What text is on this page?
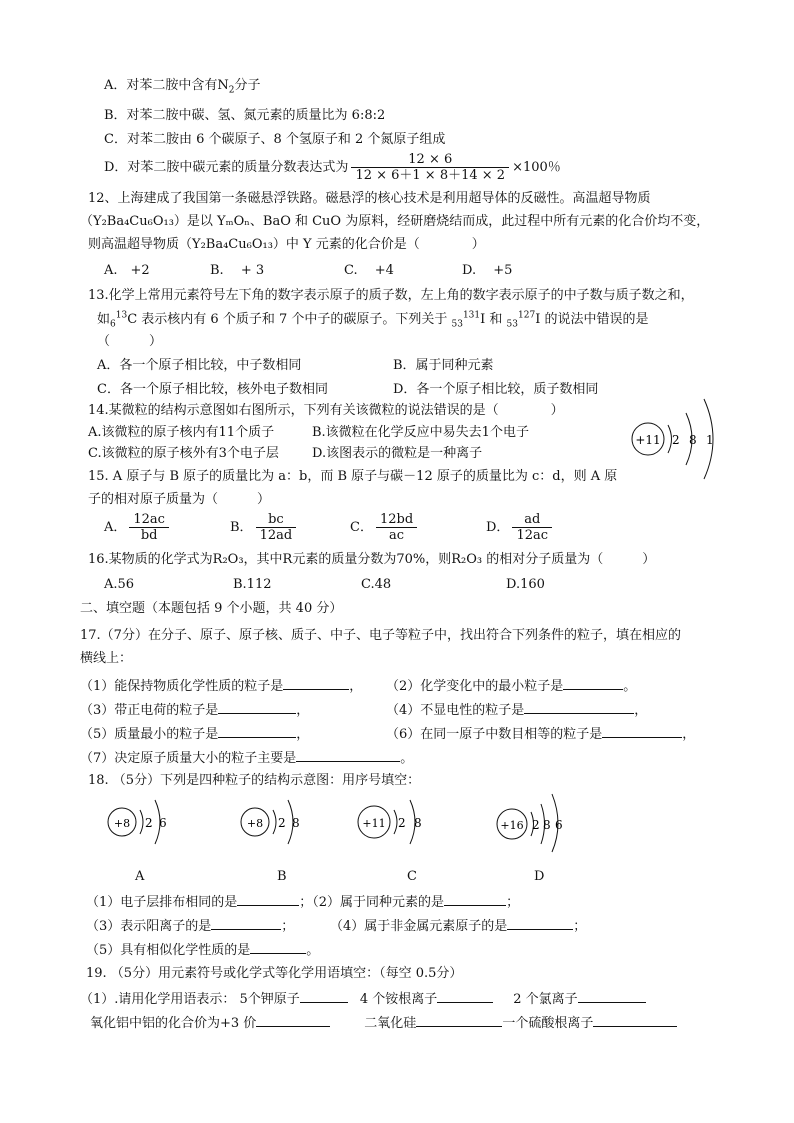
A．对苯二胺中含有$N_2$分子
B．对苯二胺中碳、氢、氮元素的质量比为 6:8:2
C．对苯二胺由 6 个碳原子、8 个氢原子和 2 个氮原子组成
D．对苯二胺中碳元素的质量分数表达式为 $\frac{12 \times 6}{12 \times 6+1 \times 8+14 \times 2} \times 100$％
12、上海建成了我国第一条磁悬浮铁路。磁悬浮的核心技术是利用超导体的反磁性。高温超导物质
（Y₂Ba₄Cu₆O₁₃）是以 YₘOₙ、BaO 和 CuO 为原料，经研磨烧结而成，此过程中所有元素的化合价均不变，
则高温超导物质（Y₂Ba₄Cu₆O₁₃）中 Y 元素的化合价是（　　　　）
A.　+2	B.　 + 3	C.　 +4	D.　 +5
13.化学上常用元素符号左下角的数字表示原子的质子数，左上角的数字表示原子的中子数与质子数之和，
如$_6^{13}$C 表示核内有 6 个质子和 7 个中子的碳原子。下列关于 $_{53}^{131}$I 和 $_{53}^{127}$I 的说法中错误的是
（　　　）
A．各一个原子相比较，中子数相同	B．属于同种元素
C．各一个原子相比较，核外电子数相同	D．各一个原子相比较，质子数相同
14.某微粒的结构示意图如右图所示，下列有关该微粒的说法错误的是（　　　　）
A.该微粒的原子核内有11个质子	B.该微粒在化学反应中易失去1个电子
C.该微粒的原子核外有3个电子层	D.该图表示的微粒是一种离子
+11 2 8 1
15. A 原子与 B 原子的质量比为 a：b，而 B 原子与碳－12 原子的质量比为 c：d，则 A 原
子的相对原子质量为（　　　）
A． $\frac{12ac}{bd}$	B． $\frac{bc}{12ad}$	C． $\frac{12bd}{ac}$	D． $\frac{ad}{12ac}$
16.某物质的化学式为R₂O₃，其中R元素的质量分数为70%，则R₂O₃ 的相对分子质量为（　　　）
A.56	B.112	C.48	D.160
二、填空题（本题包括 9 个小题，共 40 分）
17.（7分）在分子、原子、原子核、质子、中子、电子等粒子中，找出符合下列条件的粒子，填在相应的
横线上：
（1）能保持物质化学性质的粒子是	， （2）化学变化中的最小粒子是	。
（3）带正电荷的粒子是	，	（4）不显电性的粒子是	，
（5）质量最小的粒子是	，	（6）在同一原子中数目相等的粒子是	，
（7）决定原子质量大小的粒子主要是	。
18. （5分）下列是四种粒子的结构示意图：用序号填空：
+8 2 6	+8 2 8	+11 2 8	+16 2 8 6
A	B	C	D
（1）电子层排布相同的是	；（2）属于同种元素的是	；
（3）表示阳离子的是	；	（4）属于非金属元素原子的是	；
（5）具有相似化学性质的是	。
19. （5分）用元素符号或化学式等化学用语填空：（每空 0.5分）
（1）.请用化学用语表示： 5个钾原子	4 个铵根离子	2 个氯离子
氧化铝中铝的化合价为+3 价	二氧化硅	一个硫酸根离子
